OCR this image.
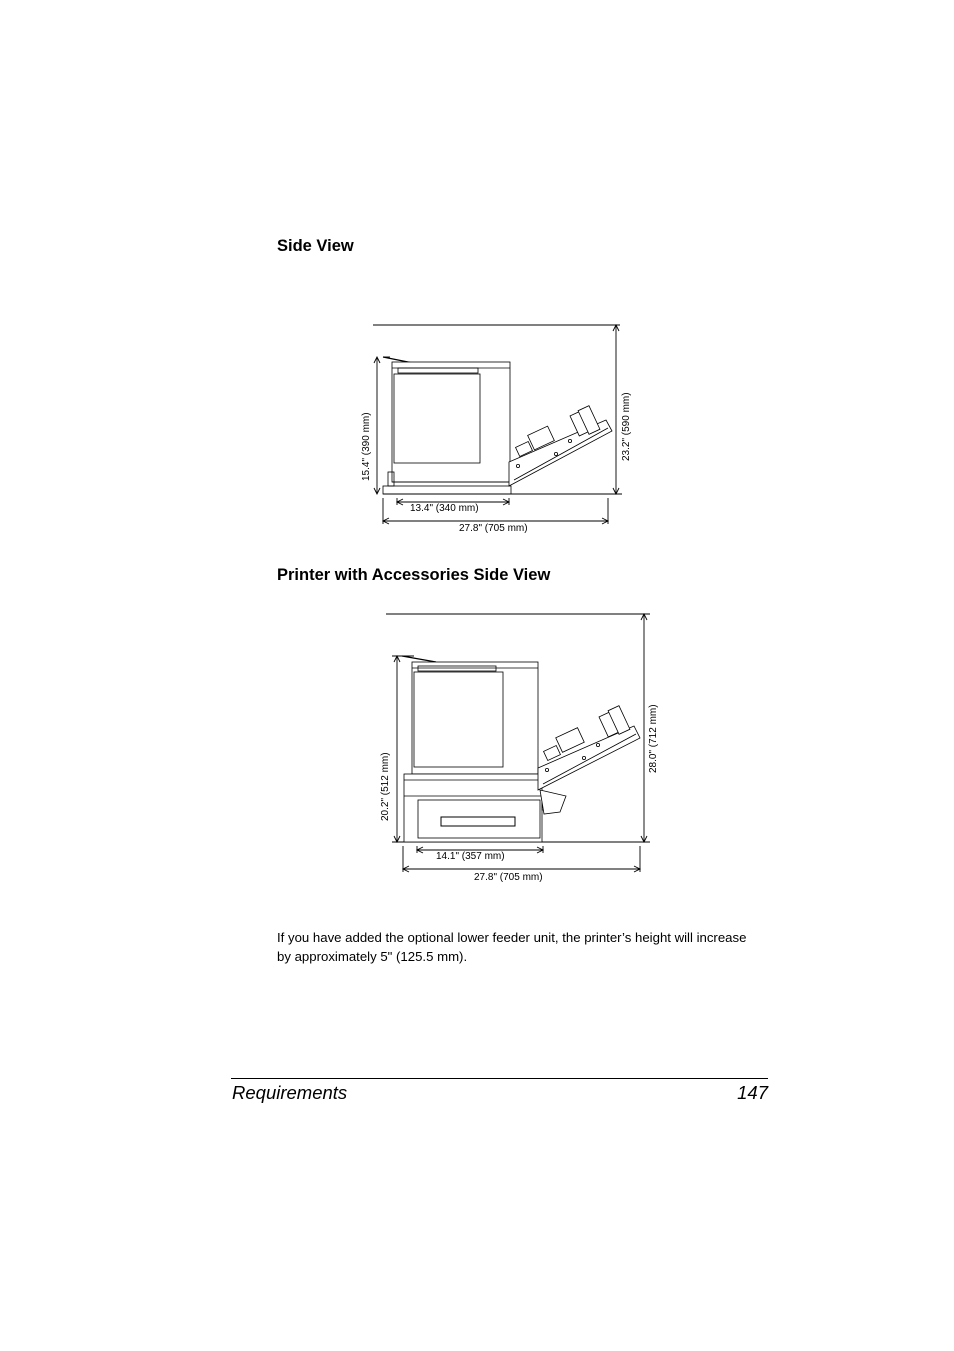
Side View
15.4" (390 mm)	23.2" (590 mm)
13.4" (340 mm)
27.8" (705 mm)
Printer with Accessories Side View
20.2" (512 mm)
28.0" (712 mm)
14.1" (357 mm)
27.8" (705 mm)

If you have added the optional lower feeder unit, the printer’s height will increase by approximately 5" (125.5 mm).

Requirements	147
